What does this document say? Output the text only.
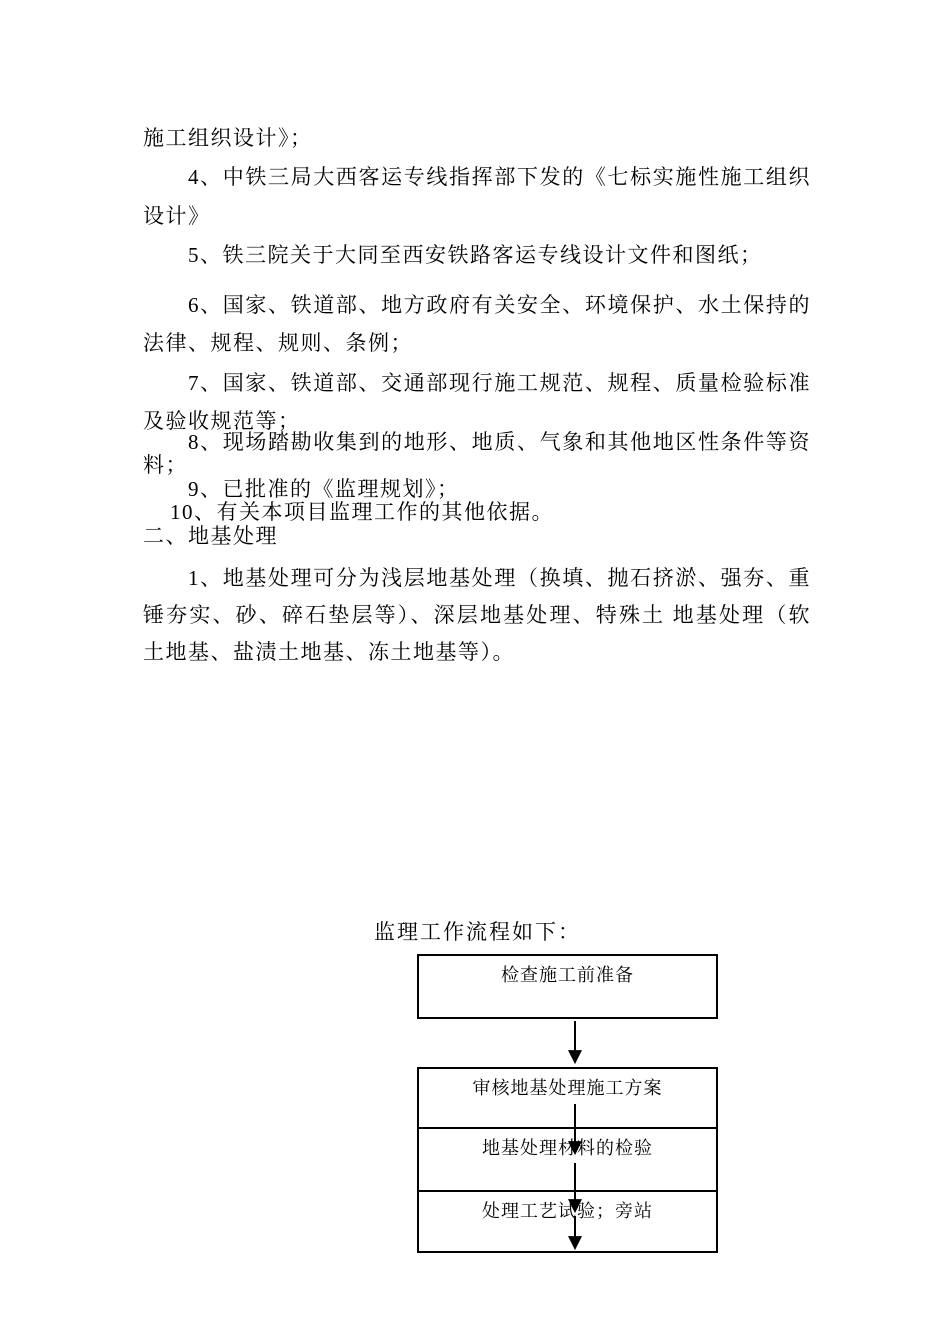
施工组织设计》；
4、中铁三局大西客运专线指挥部下发的《七标实施性施工组织
设计》
5、铁三院关于大同至西安铁路客运专线设计文件和图纸；
6、国家、铁道部、地方政府有关安全、环境保护、水土保持的
法律、规程、规则、条例；
7、国家、铁道部、交通部现行施工规范、规程、质量检验标准
及验收规范等；
8、现场踏勘收集到的地形、地质、气象和其他地区性条件等资
料；
9、已批准的《监理规划》；
10、有关本项目监理工作的其他依据。
二、地基处理
1、地基处理可分为浅层地基处理（换填、抛石挤淤、强夯、重
锤夯实、砂、碎石垫层等）、深层地基处理、特殊土 地基处理（软
土地基、盐渍土地基、冻土地基等）。
监理工作流程如下：
检查施工前准备
审核地基处理施工方案
地基处理材料的检验
处理工艺试验；旁站
